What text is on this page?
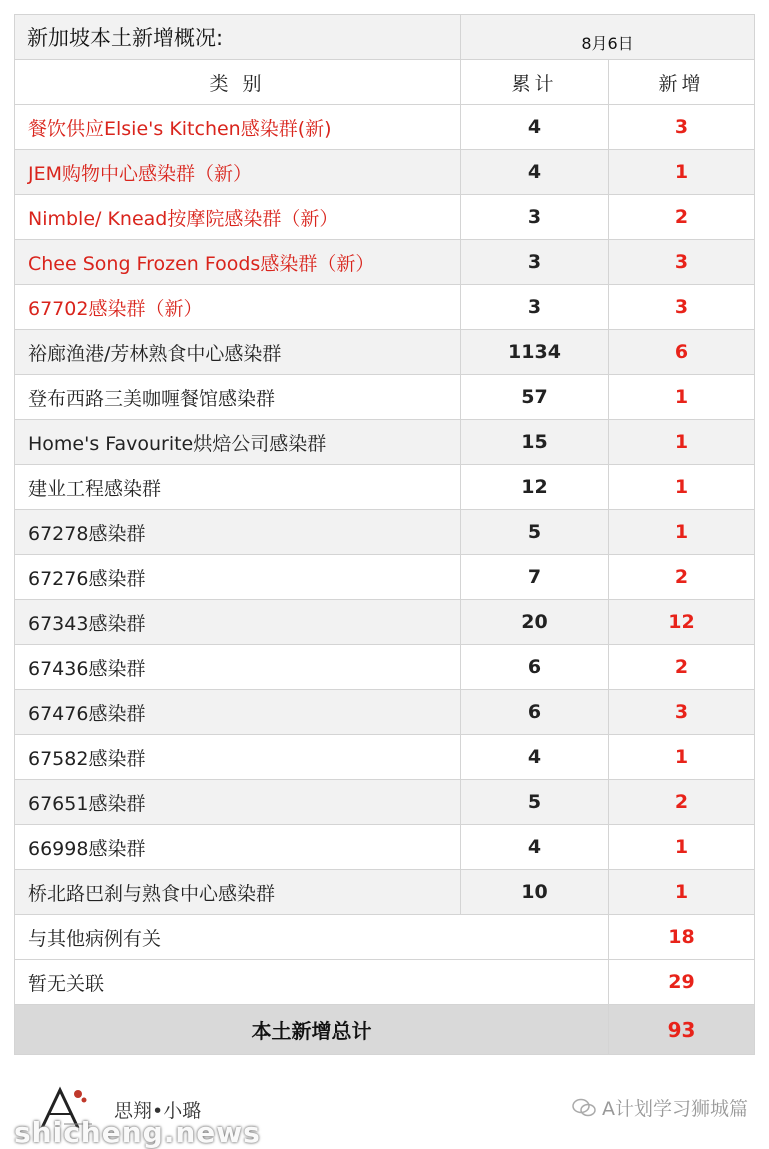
新加坡本土新增概况:	8月6日	
类 别	累计	新增
餐饮供应Elsie's Kitchen感染群(新)	4	3
JEM购物中心感染群（新）	4	1
Nimble/ Knead按摩院感染群（新）	3	2
Chee Song Frozen Foods感染群（新）	3	3
67702感染群（新）	3	3
裕廊渔港/芳林熟食中心感染群	1134	6
登布西路三美咖喱餐馆感染群	57	1
Home's Favourite烘焙公司感染群	15	1
建业工程感染群	12	1
67278感染群	5	1
67276感染群	7	2
67343感染群	20	12
67436感染群	6	2
67476感染群	6	3
67582感染群	4	1
67651感染群	5	2
66998感染群	4	1
桥北路巴刹与熟食中心感染群	10	1
与其他病例有关		18
暂无关联		29
本土新增总计		93
思翔•小璐	A计划学习狮城篇
shicheng.news
